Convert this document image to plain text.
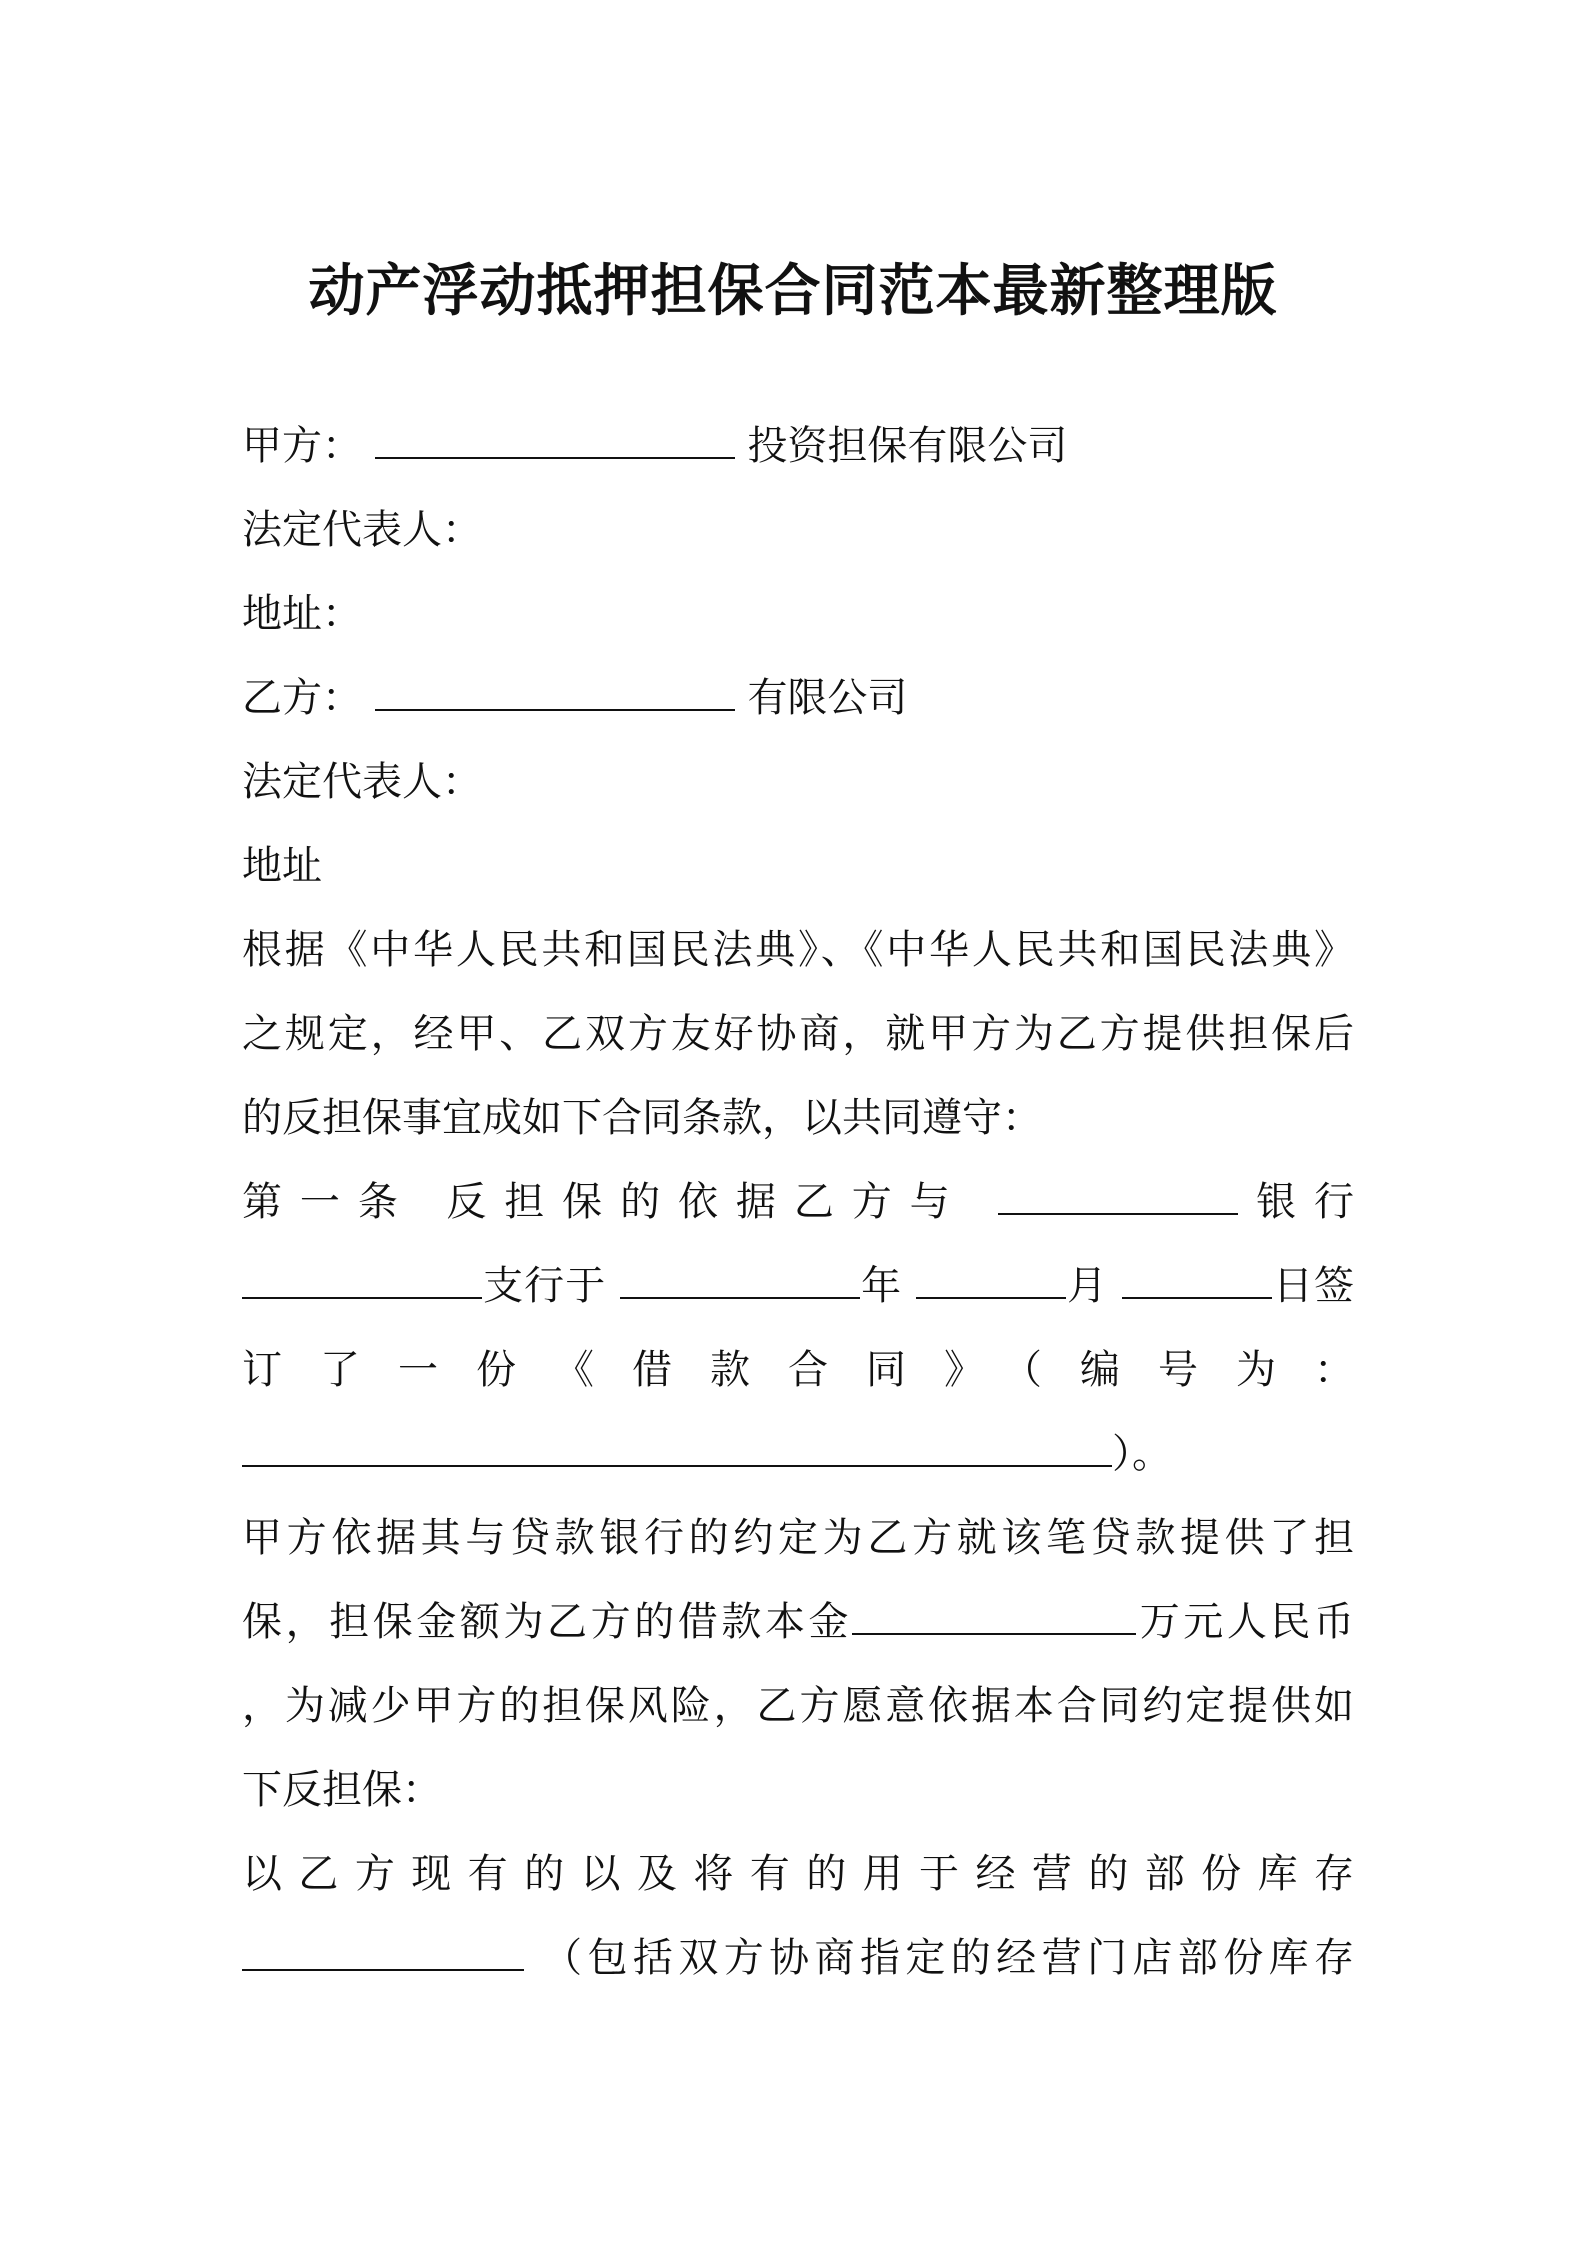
动产浮动抵押担保合同范本最新整理版
甲方：	投资担保有限公司
法定代表人：
地址：
乙方：	有限公司
法定代表人：
地址
根据《中华人民共和国民法典》、《中华人民共和国民法典》
之规定，经甲、乙双方友好协商，就甲方为乙方提供担保后
的反担保事宜成如下合同条款，以共同遵守：
第一条 反担保的依据乙方与	银行
支行于	年	月	日签
订了一份《借款合同》（编号为：
）。
甲方依据其与贷款银行的约定为乙方就该笔贷款提供了担
保，担保金额为乙方的借款本金	万元人民币
，为减少甲方的担保风险，乙方愿意依据本合同约定提供如
下反担保：
以乙方现有的以及将有的用于经营的部份库存
（包括双方协商指定的经营门店部份库存
